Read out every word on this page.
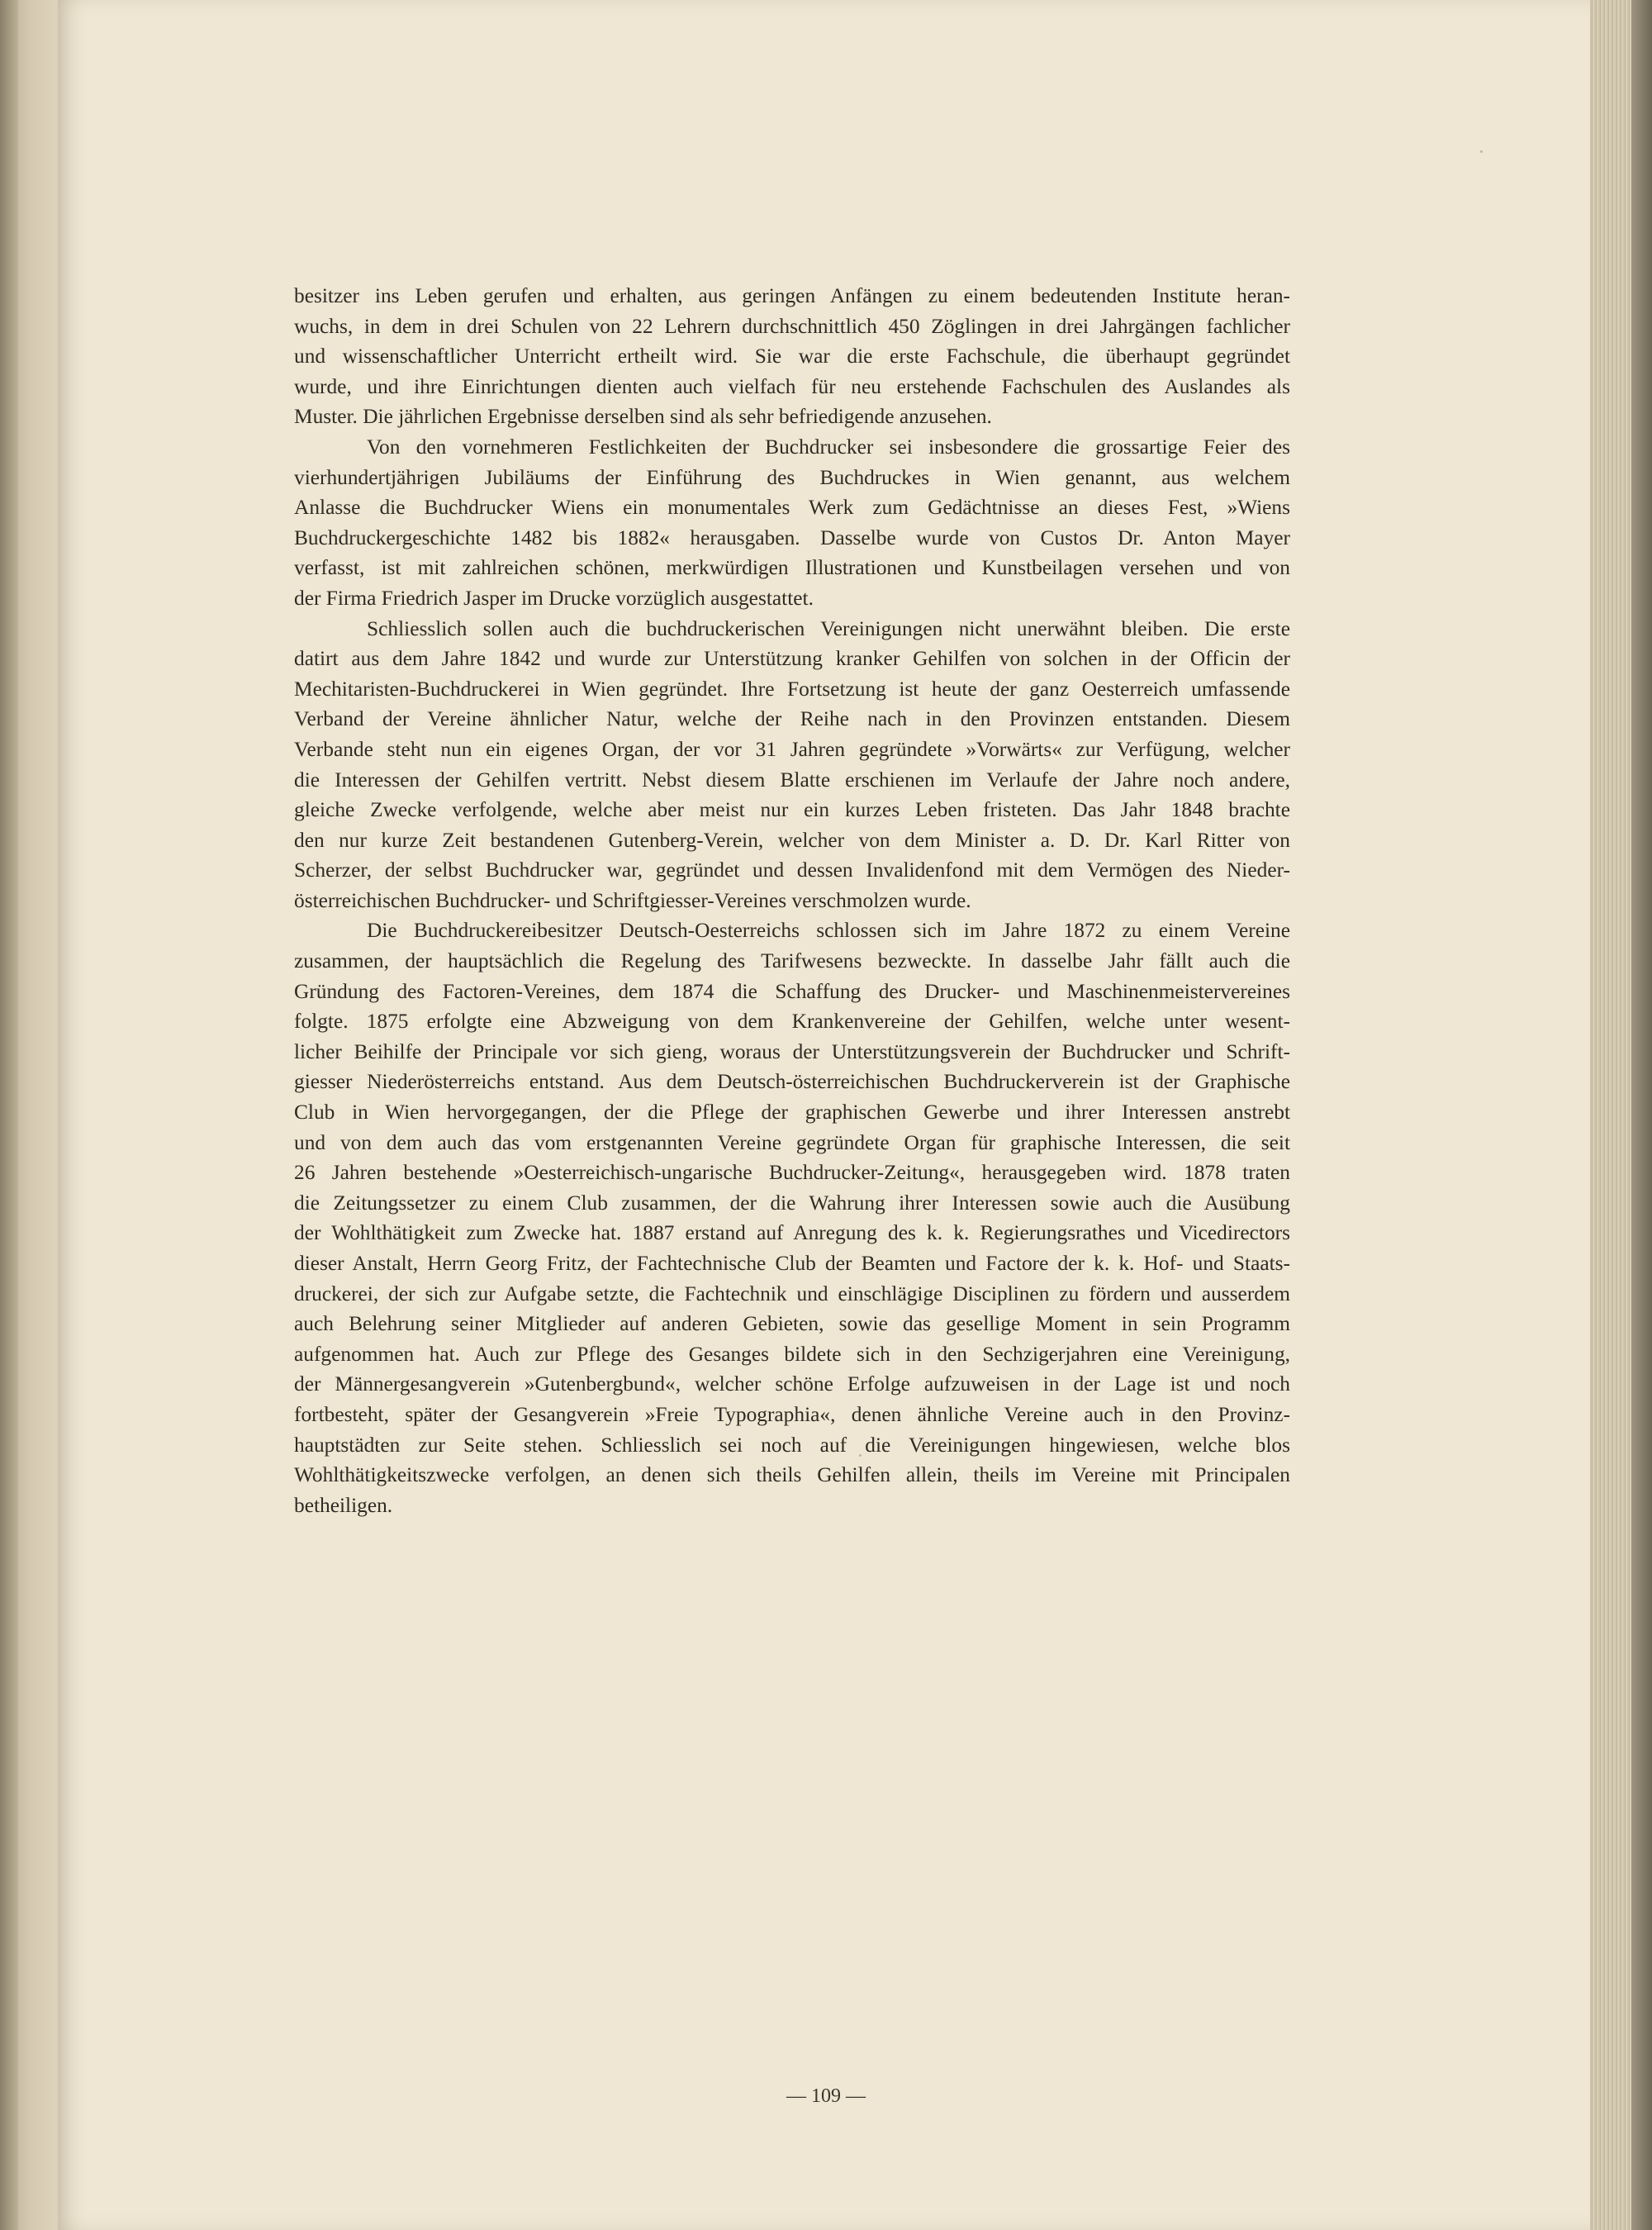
besitzer ins Leben gerufen und erhalten, aus geringen Anfängen zu einem bedeutenden Institute heran-
wuchs, in dem in drei Schulen von 22 Lehrern durchschnittlich 450 Zöglingen in drei Jahrgängen fachlicher
und wissenschaftlicher Unterricht ertheilt wird. Sie war die erste Fachschule, die überhaupt gegründet
wurde, und ihre Einrichtungen dienten auch vielfach für neu erstehende Fachschulen des Auslandes als
Muster. Die jährlichen Ergebnisse derselben sind als sehr befriedigende anzusehen.
Von den vornehmeren Festlichkeiten der Buchdrucker sei insbesondere die grossartige Feier des
vierhundertjährigen Jubiläums der Einführung des Buchdruckes in Wien genannt, aus welchem
Anlasse die Buchdrucker Wiens ein monumentales Werk zum Gedächtnisse an dieses Fest, »Wiens
Buchdruckergeschichte 1482 bis 1882« herausgaben. Dasselbe wurde von Custos Dr. Anton Mayer
verfasst, ist mit zahlreichen schönen, merkwürdigen Illustrationen und Kunstbeilagen versehen und von
der Firma Friedrich Jasper im Drucke vorzüglich ausgestattet.
Schliesslich sollen auch die buchdruckerischen Vereinigungen nicht unerwähnt bleiben. Die erste
datirt aus dem Jahre 1842 und wurde zur Unterstützung kranker Gehilfen von solchen in der Officin der
Mechitaristen-Buchdruckerei in Wien gegründet. Ihre Fortsetzung ist heute der ganz Oesterreich umfassende
Verband der Vereine ähnlicher Natur, welche der Reihe nach in den Provinzen entstanden. Diesem
Verbande steht nun ein eigenes Organ, der vor 31 Jahren gegründete »Vorwärts« zur Verfügung, welcher
die Interessen der Gehilfen vertritt. Nebst diesem Blatte erschienen im Verlaufe der Jahre noch andere,
gleiche Zwecke verfolgende, welche aber meist nur ein kurzes Leben fristeten. Das Jahr 1848 brachte
den nur kurze Zeit bestandenen Gutenberg-Verein, welcher von dem Minister a. D. Dr. Karl Ritter von
Scherzer, der selbst Buchdrucker war, gegründet und dessen Invalidenfond mit dem Vermögen des Nieder-
österreichischen Buchdrucker- und Schriftgiesser-Vereines verschmolzen wurde.
Die Buchdruckereibesitzer Deutsch-Oesterreichs schlossen sich im Jahre 1872 zu einem Vereine
zusammen, der hauptsächlich die Regelung des Tarifwesens bezweckte. In dasselbe Jahr fällt auch die
Gründung des Factoren-Vereines, dem 1874 die Schaffung des Drucker- und Maschinenmeistervereines
folgte. 1875 erfolgte eine Abzweigung von dem Krankenvereine der Gehilfen, welche unter wesent-
licher Beihilfe der Principale vor sich gieng, woraus der Unterstützungsverein der Buchdrucker und Schrift-
giesser Niederösterreichs entstand. Aus dem Deutsch-österreichischen Buchdruckerverein ist der Graphische
Club in Wien hervorgegangen, der die Pflege der graphischen Gewerbe und ihrer Interessen anstrebt
und von dem auch das vom erstgenannten Vereine gegründete Organ für graphische Interessen, die seit
26 Jahren bestehende »Oesterreichisch-ungarische Buchdrucker-Zeitung«, herausgegeben wird. 1878 traten
die Zeitungssetzer zu einem Club zusammen, der die Wahrung ihrer Interessen sowie auch die Ausübung
der Wohlthätigkeit zum Zwecke hat. 1887 erstand auf Anregung des k. k. Regierungsrathes und Vicedirectors
dieser Anstalt, Herrn Georg Fritz, der Fachtechnische Club der Beamten und Factore der k. k. Hof- und Staats-
druckerei, der sich zur Aufgabe setzte, die Fachtechnik und einschlägige Disciplinen zu fördern und ausserdem
auch Belehrung seiner Mitglieder auf anderen Gebieten, sowie das gesellige Moment in sein Programm
aufgenommen hat. Auch zur Pflege des Gesanges bildete sich in den Sechzigerjahren eine Vereinigung,
der Männergesangverein »Gutenbergbund«, welcher schöne Erfolge aufzuweisen in der Lage ist und noch
fortbesteht, später der Gesangverein »Freie Typographia«, denen ähnliche Vereine auch in den Provinz-
hauptstädten zur Seite stehen. Schliesslich sei noch auf die Vereinigungen hingewiesen, welche blos
Wohlthätigkeitszwecke verfolgen, an denen sich theils Gehilfen allein, theils im Vereine mit Principalen
betheiligen.
— 109 —
